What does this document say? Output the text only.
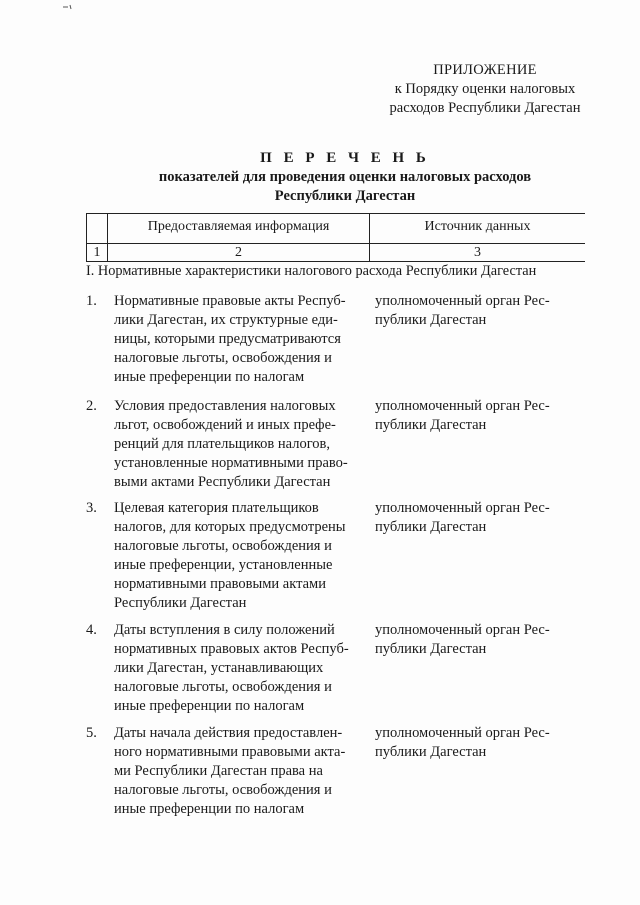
ПРИЛОЖЕНИЕ
к Порядку оценки налоговых
расходов Республики Дагестан
П Е Р Е Ч Е Н Ь
показателей для проведения оценки налоговых расходов
Республики Дагестан
Предоставляемая информация	Источник данных
1	2	3
I. Нормативные характеристики налогового расхода Республики Дагестан
1.	Нормативные правовые акты Респуб-
лики Дагестан, их структурные еди-
ницы, которыми предусматриваются
налоговые льготы, освобождения и
иные преференции по налогам
уполномоченный орган Рес-
публики Дагестан
2.	Условия предоставления налоговых
льгот, освобождений и иных префе-
ренций для плательщиков налогов,
установленные нормативными право-
выми актами Республики Дагестан
уполномоченный орган Рес-
публики Дагестан
3.	Целевая категория плательщиков
налогов, для которых предусмотрены
налоговые льготы, освобождения и
иные преференции, установленные
нормативными правовыми актами
Республики Дагестан
уполномоченный орган Рес-
публики Дагестан
4.	Даты вступления в силу положений
нормативных правовых актов Респуб-
лики Дагестан, устанавливающих
налоговые льготы, освобождения и
иные преференции по налогам
уполномоченный орган Рес-
публики Дагестан
5.	Даты начала действия предоставлен-
ного нормативными правовыми акта-
ми Республики Дагестан права на
налоговые льготы, освобождения и
иные преференции по налогам
уполномоченный орган Рес-
публики Дагестан
